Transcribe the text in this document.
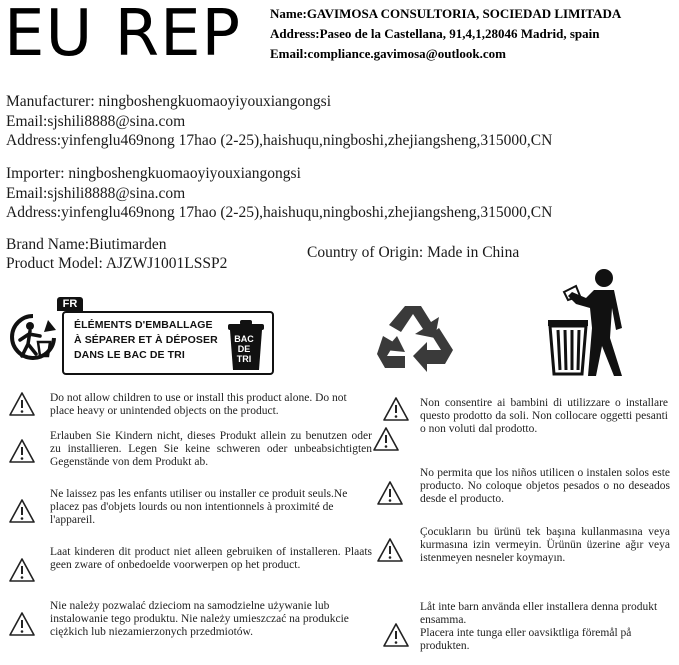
EU REP Name:GAVIMOSA CONSULTORIA, SOCIEDAD LIMITADA
Address:Paseo de la Castellana, 91,4,1,28046 Madrid, spain
Email:compliance.gavimosa@outlook.com
Manufacturer: ningboshengkuomaoyiyouxiangongsi
Email:sjshili8888@sina.com
Address:yinfenglu469nong 17hao (2-25),haishuqu,ningboshi,zhejiangsheng,315000,CN
Importer: ningboshengkuomaoyiyouxiangongsi
Email:sjshili8888@sina.com
Address:yinfenglu469nong 17hao (2-25),haishuqu,ningboshi,zhejiangsheng,315000,CN
Brand Name:Biutimarden
Product Model: AJZWJ1001LSSP2
Country of Origin: Made in China
FR
ÉLÉMENTS D'EMBALLAGE
À SÉPARER ET À DÉPOSER
DANS LE BAC DE TRI
BAC
DE
TRI
Do not allow children to use or install this product alone. Do not place heavy or unintended objects on the product.
Erlauben Sie Kindern nicht, dieses Produkt allein zu benutzen oder zu installieren. Legen Sie keine schweren oder unbeabsichtigten Gegenstände von dem Produkt ab.
Ne laissez pas les enfants utiliser ou installer ce produit seuls.Ne placez pas d'objets lourds ou non intentionnels à proximité de l'appareil.
Laat kinderen dit product niet alleen gebruiken of installeren. Plaats geen zware of onbedoelde voorwerpen op het product.
Nie należy pozwalać dzieciom na samodzielne używanie lub instalowanie tego produktu. Nie należy umieszczać na produkcie ciężkich lub niezamierzonych przedmiotów.
Non consentire ai bambini di utilizzare o installare questo prodotto da soli. Non collocare oggetti pesanti o non voluti dal prodotto.
No permita que los niños utilicen o instalen solos este producto. No coloque objetos pesados o no deseados desde el producto.
Çocukların bu ürünü tek başına kullanmasına veya kurmasına izin vermeyin. Ürünün üzerine ağır veya istenmeyen nesneler koymayın.

Låt inte barn använda eller installera denna produkt ensamma.

Placera inte tunga eller oavsiktliga föremål på produkten.
